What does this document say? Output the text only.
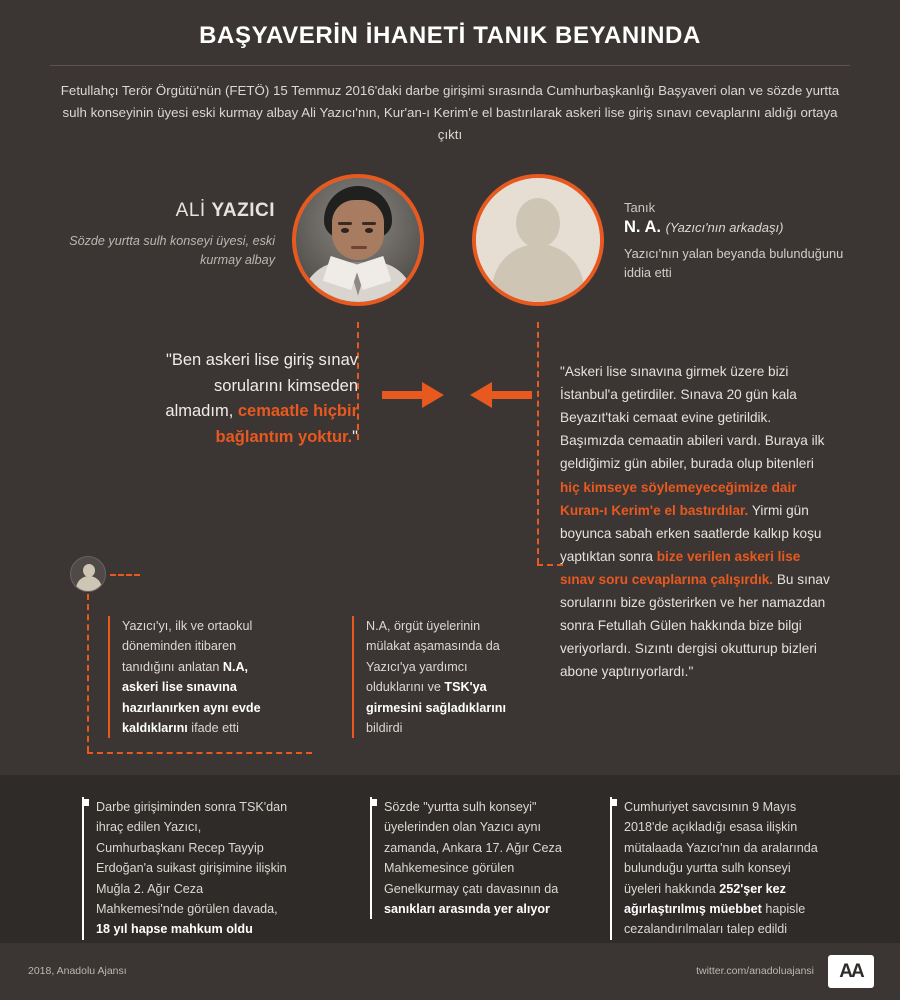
BAŞYAVERİN İHANETİ TANIK BEYANINDA
Fetullahçı Terör Örgütü'nün (FETÖ) 15 Temmuz 2016'daki darbe girişimi sırasında Cumhurbaşkanlığı Başyaveri olan ve sözde yurtta sulh konseyinin üyesi eski kurmay albay Ali Yazıcı'nın, Kur'an-ı Kerim'e el bastırılarak askeri lise giriş sınavı cevaplarını aldığı ortaya çıktı
ALİ YAZICI
Sözde yurtta sulh konseyi üyesi, eski kurmay albay
Tanık
N. A. (Yazıcı'nın arkadaşı)
Yazıcı'nın yalan beyanda bulunduğunu iddia etti
"Ben askeri lise giriş sınav sorularını kimseden almadım, cemaatle hiçbir bağlantım yoktur."
"Askeri lise sınavına girmek üzere bizi İstanbul'a getirdiler. Sınava 20 gün kala Beyazıt'taki cemaat evine getirildik. Başımızda cemaatin abileri vardı. Buraya ilk geldiğimiz gün abiler, burada olup bitenleri hiç kimseye söylemeyeceğimize dair Kuran-ı Kerim'e el bastırdılar. Yirmi gün boyunca sabah erken saatlerde kalkıp koşu yaptıktan sonra bize verilen askeri lise sınav soru cevaplarına çalışırdık. Bu sınav sorularını bize gösterirken ve her namazdan sonra Fetullah Gülen hakkında bize bilgi veriyorlardı. Sızıntı dergisi okutturup bizleri abone yaptırıyorlardı."
Yazıcı'yı, ilk ve ortaokul döneminden itibaren tanıdığını anlatan N.A, askeri lise sınavına hazırlanırken aynı evde kaldıklarını ifade etti
N.A, örgüt üyelerinin mülakat aşamasında da Yazıcı'ya yardımcı olduklarını ve TSK'ya girmesini sağladıklarını bildirdi
Darbe girişiminden sonra TSK'dan ihraç edilen Yazıcı, Cumhurbaşkanı Recep Tayyip Erdoğan'a suikast girişimine ilişkin Muğla 2. Ağır Ceza Mahkemesi'nde görülen davada, 18 yıl hapse mahkum oldu
Sözde "yurtta sulh konseyi" üyelerinden olan Yazıcı aynı zamanda, Ankara 17. Ağır Ceza Mahkemesince görülen Genelkurmay çatı davasının da sanıkları arasında yer alıyor
Cumhuriyet savcısının 9 Mayıs 2018'de açıkladığı esasa ilişkin mütalaada Yazıcı'nın da aralarında bulunduğu yurtta sulh konseyi üyeleri hakkında 252'şer kez ağırlaştırılmış müebbet hapisle cezalandırılmaları talep edildi
2018, Anadolu Ajansı	twitter.com/anadoluajansi	AA
